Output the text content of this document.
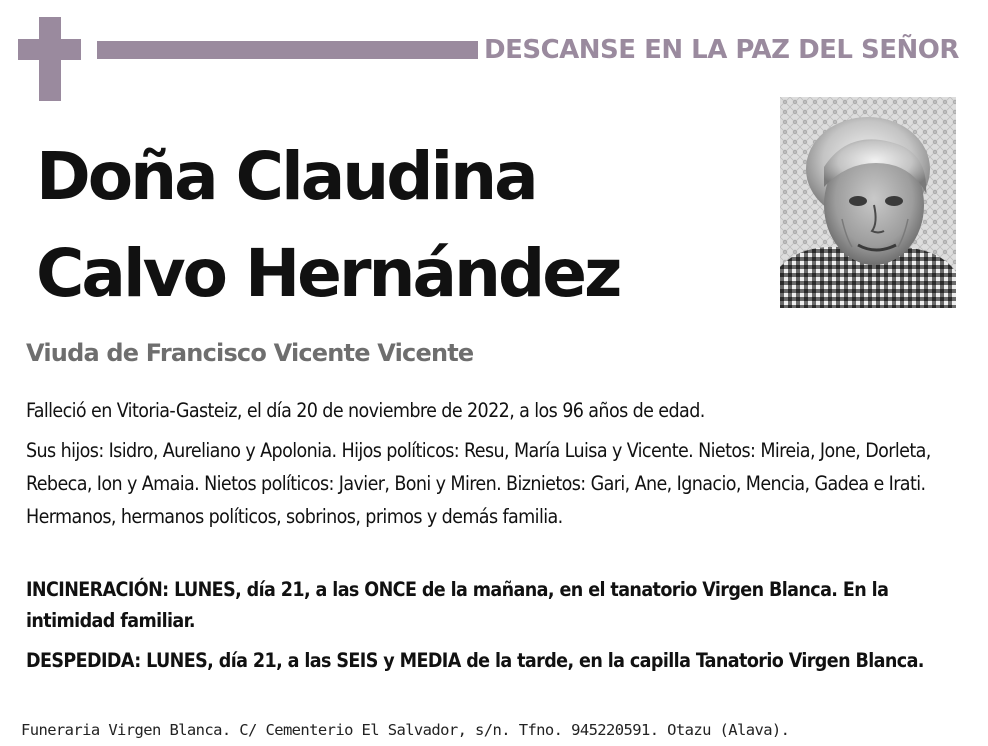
DESCANSE EN LA PAZ DEL SEÑOR
Doña Claudina
Calvo Hernández
Viuda de Francisco Vicente Vicente
Falleció en Vitoria-Gasteiz, el día 20 de noviembre de 2022, a los 96 años de edad.
Sus hijos: Isidro, Aureliano y Apolonia. Hijos políticos: Resu, María Luisa y Vicente. Nietos: Mireia, Jone, Dorleta, Rebeca, Ion y Amaia. Nietos políticos: Javier, Boni y Miren. Biznietos: Gari, Ane, Ignacio, Mencia, Gadea e Irati. Hermanos, hermanos políticos, sobrinos, primos y demás familia.
INCINERACIÓN: LUNES, día 21, a las ONCE de la mañana, en el tanatorio Virgen Blanca. En la intimidad familiar.
DESPEDIDA: LUNES, día 21, a las SEIS y MEDIA de la tarde, en la capilla Tanatorio Virgen Blanca.
Funeraria Virgen Blanca. C/ Cementerio El Salvador, s/n. Tfno. 945220591. Otazu (Alava).
